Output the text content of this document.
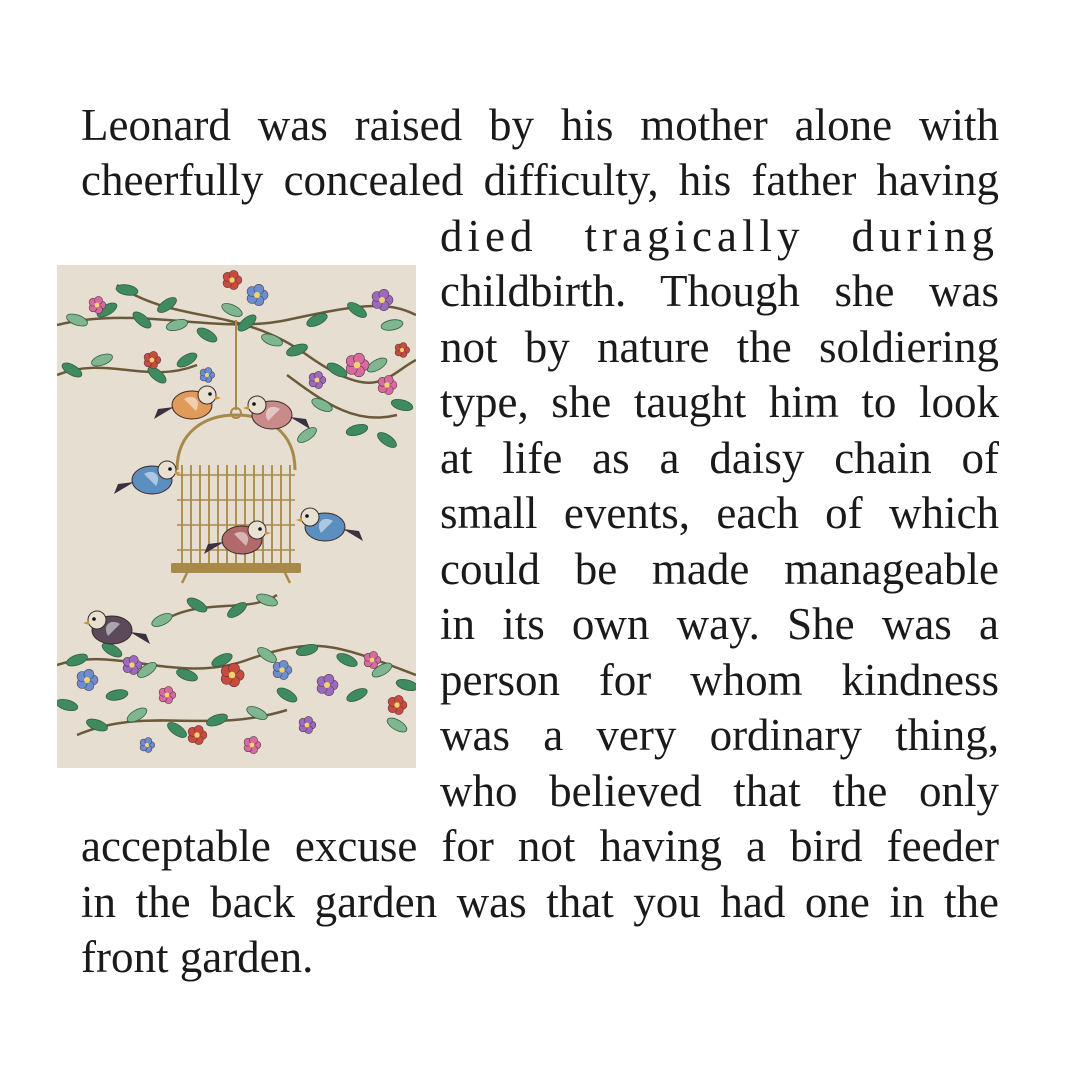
Leonard was raised by his mother alone with
cheerfully concealed difficulty, his father having
died tragically during
childbirth. Though she was
not by nature the soldiering
type, she taught him to look
at life as a daisy chain of
small events, each of which
could be made manageable
in its own way. She was a
person for whom kindness
was a very ordinary thing,
who believed that the only
acceptable excuse for not having a bird feeder
in the back garden was that you had one in the
front garden.
